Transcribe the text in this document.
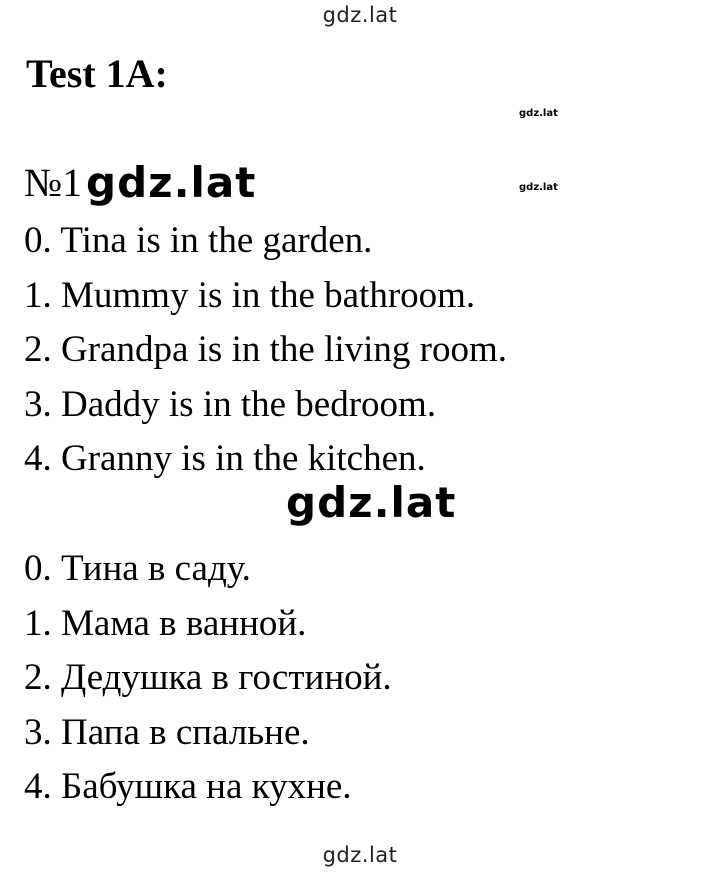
gdz.lat
Test 1A:
gdz.lat
gdz.lat
№1 gdz.lat
0. Tina is in the garden.
1. Mummy is in the bathroom.
2. Grandpa is in the living room.
3. Daddy is in the bedroom.
4. Granny is in the kitchen.
gdz.lat
0. Тина в саду.
1. Мама в ванной.
2. Дедушка в гостиной.
3. Папа в спальне.
4. Бабушка на кухне.
gdz.lat
